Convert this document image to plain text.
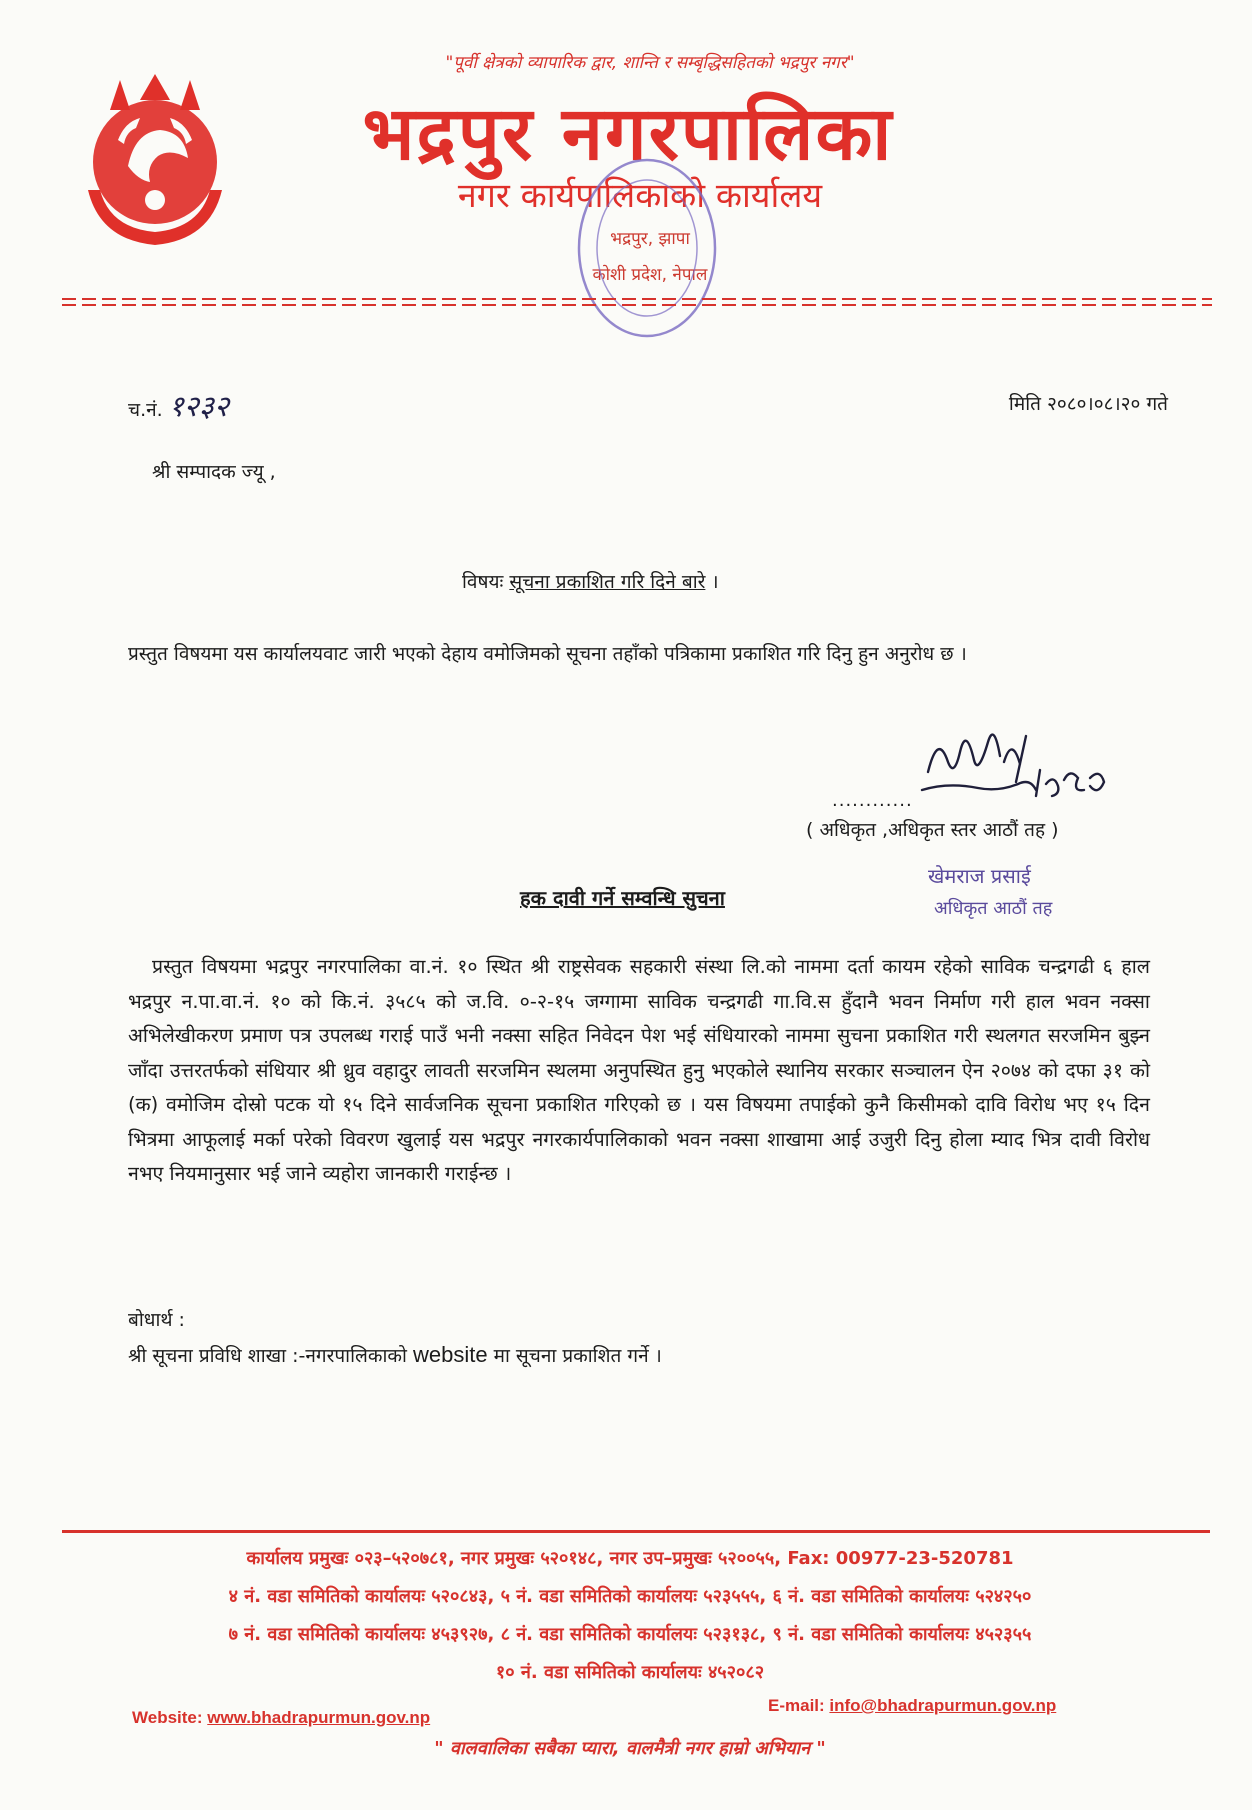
"पूर्वी क्षेत्रको व्यापारिक द्वार, शान्ति र सम्बृद्धिसहितको भद्रपुर नगर"
भद्रपुर नगरपालिका
नगर कार्यपालिकाको कार्यालय
भद्रपुर, झापा
कोशी प्रदेश, नेपाल
च.नं. १२३२	मिति २०८०।०८।२० गते
श्री सम्पादक ज्यू ,
विषयः सूचना प्रकाशित गरि दिने बारे ।
प्रस्तुत विषयमा यस कार्यालयवाट जारी भएको देहाय वमोजिमको सूचना तहाँको पत्रिकामा प्रकाशित गरि दिनु हुन अनुरोध छ ।
............
( अधिकृत ,अधिकृत स्तर आठौं तह )
खेमराज प्रसाई
अधिकृत आठौं तह
हक दावी गर्ने सम्वन्धि सुचना
प्रस्तुत विषयमा भद्रपुर नगरपालिका वा.नं. १० स्थित श्री राष्ट्रसेवक सहकारी संस्था लि.को नाममा दर्ता कायम रहेको साविक चन्द्रगढी ६ हाल भद्रपुर न.पा.वा.नं. १० को कि.नं. ३५८५ को ज.वि. ०-२-१५ जग्गामा साविक चन्द्रगढी गा.वि.स हुँदानै भवन निर्माण गरी हाल भवन नक्सा अभिलेखीकरण प्रमाण पत्र उपलब्ध गराई पाउँ भनी नक्सा सहित निवेदन पेश भई संधियारको नाममा सुचना प्रकाशित गरी स्थलगत सरजमिन बुझ्न जाँदा उत्तरतर्फको संधियार श्री ध्रुव वहादुर लावती सरजमिन स्थलमा अनुपस्थित हुनु भएकोले स्थानिय सरकार सञ्चालन ऐन २०७४ को दफा ३१ को (क) वमोजिम दोस्रो पटक यो १५ दिने सार्वजनिक सूचना प्रकाशित गरिएको छ । यस विषयमा तपाईको कुनै किसीमको दावि विरोध भए १५ दिन भित्रमा आफूलाई मर्का परेको विवरण खुलाई यस भद्रपुर नगरकार्यपालिकाको भवन नक्सा शाखामा आई उजुरी दिनु होला म्याद भित्र दावी विरोध नभए नियमानुसार भई जाने व्यहोरा जानकारी गराईन्छ ।
बोधार्थ :
श्री सूचना प्रविधि शाखा :-नगरपालिकाको website मा सूचना प्रकाशित गर्ने ।
कार्यालय प्रमुखः ०२३–५२०७८१, नगर प्रमुखः ५२०१४८, नगर उप–प्रमुखः ५२००५५, Fax: 00977-23-520781
४ नं. वडा समितिको कार्यालयः ५२०८४३, ५ नं. वडा समितिको कार्यालयः ५२३५५५, ६ नं. वडा समितिको कार्यालयः ५२४२५०
७ नं. वडा समितिको कार्यालयः ४५३९२७, ८ नं. वडा समितिको कार्यालयः ५२३१३८, ९ नं. वडा समितिको कार्यालयः ४५२३५५
१० नं. वडा समितिको कार्यालयः ४५२०८२
Website: www.bhadrapurmun.gov.np
E-mail: info@bhadrapurmun.gov.np
" वालवालिका सबैका प्यारा, वालमैत्री नगर हाम्रो अभियान "
